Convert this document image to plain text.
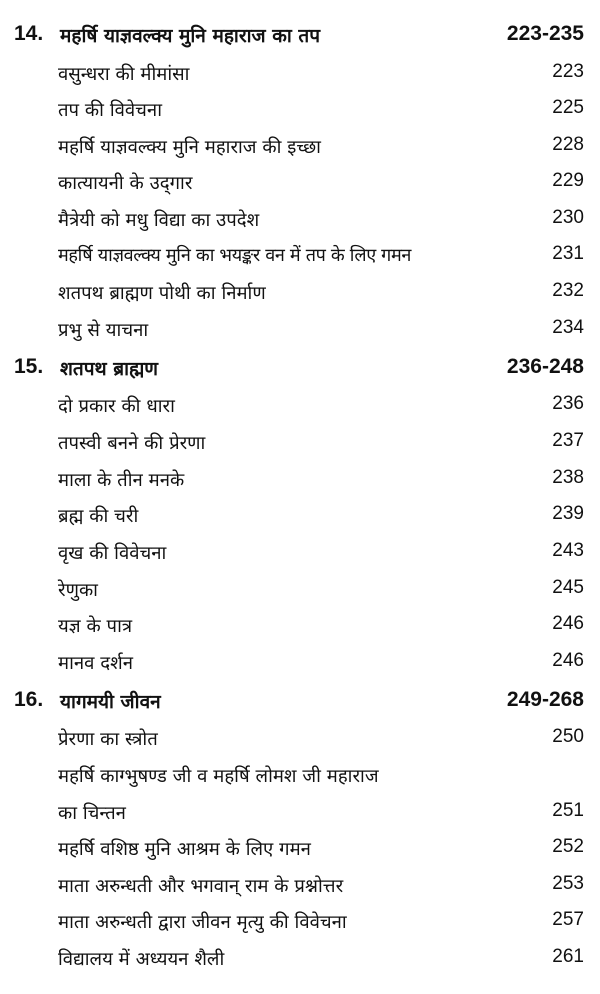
14. महर्षि याज्ञवल्क्य मुनि महाराज का तप	223-235
वसुन्धरा की मीमांसा	223
तप की विवेचना	225
महर्षि याज्ञवल्क्य मुनि महाराज की इच्छा	228
कात्यायनी के उद्‌गार	229
मैत्रेयी को मधु विद्या का उपदेश	230
महर्षि याज्ञवल्क्य मुनि का भयङ्कर वन में तप के लिए गमन	231
शतपथ ब्राह्मण पोथी का निर्माण	232
प्रभु से याचना	234
15. शतपथ ब्राह्मण	236-248
दो प्रकार की धारा	236
तपस्वी बनने की प्रेरणा	237
माला के तीन मनके	238
ब्रह्म की चरी	239
वृख की विवेचना	243
रेणुका	245
यज्ञ के पात्र	246
मानव दर्शन	246
16. यागमयी जीवन	249-268
प्रेरणा का स्त्रोत	250
महर्षि काग्भुषण्ड जी व महर्षि लोमश जी महाराज
का चिन्तन	251
महर्षि वशिष्ठ मुनि आश्रम के लिए गमन	252
माता अरुन्धती और भगवान् राम के प्रश्नोत्तर	253
माता अरुन्धती द्वारा जीवन मृत्यु की विवेचना	257
विद्यालय में अध्ययन शैली	261
